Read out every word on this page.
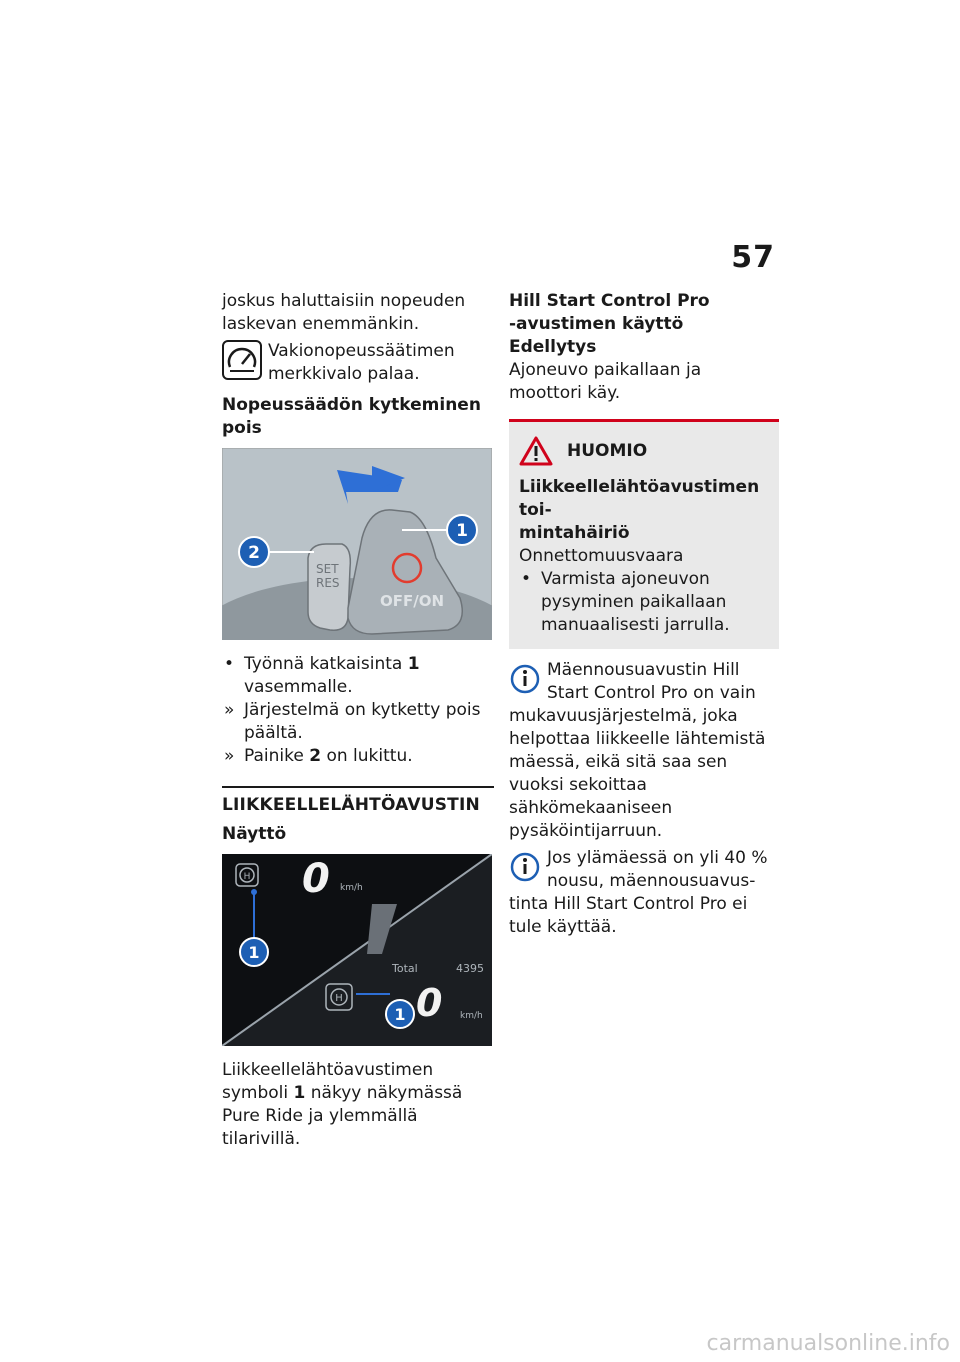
57

joskus haluttaisiin nopeuden

laskevan enemmänkin.

Vakionopeussäätimen

merkkivalo palaa.

Nopeussäädön kytkeminen

pois

SET
RES
OFF/ON
1
2
• Työnnä katkaisinta 1 vasemmalle.
» Järjestelmä on kytketty pois päältä.
» Painike 2 on lukittu.

LIIKKEELLELÄHTÖAVUSTIN

Näyttö

H
1
0 km/h
Total	4395
H
1 0 km/h

Liikkeellelähtöavustimen symboli 1 näkyy näkymässä Pure Ride ja ylemmällä tilarivillä.

Hill Start Control Pro

-avustimen käyttö

Edellytys

Ajoneuvo paikallaan ja moottori käy.

HUOMIO

Liikkeellelähtöavustimen toi-

mintahäiriö

Onnettomuusvaara

• Varmista ajoneuvon pysyminen paikallaan manuaalisesti jarrulla.

Mäennousuavustin Hill

Start Control Pro on vain

mukavuusjärjestelmä, joka helpottaa liikkeelle lähtemistä mäessä, eikä sitä saa sen vuoksi sekoittaa sähkömekaaniseen pysäköintijarruun.

Jos ylämäessä on yli 40 %

nousu, mäennousuavus-

tinta Hill Start Control Pro ei tule käyttää.

carmanualsonline.info
